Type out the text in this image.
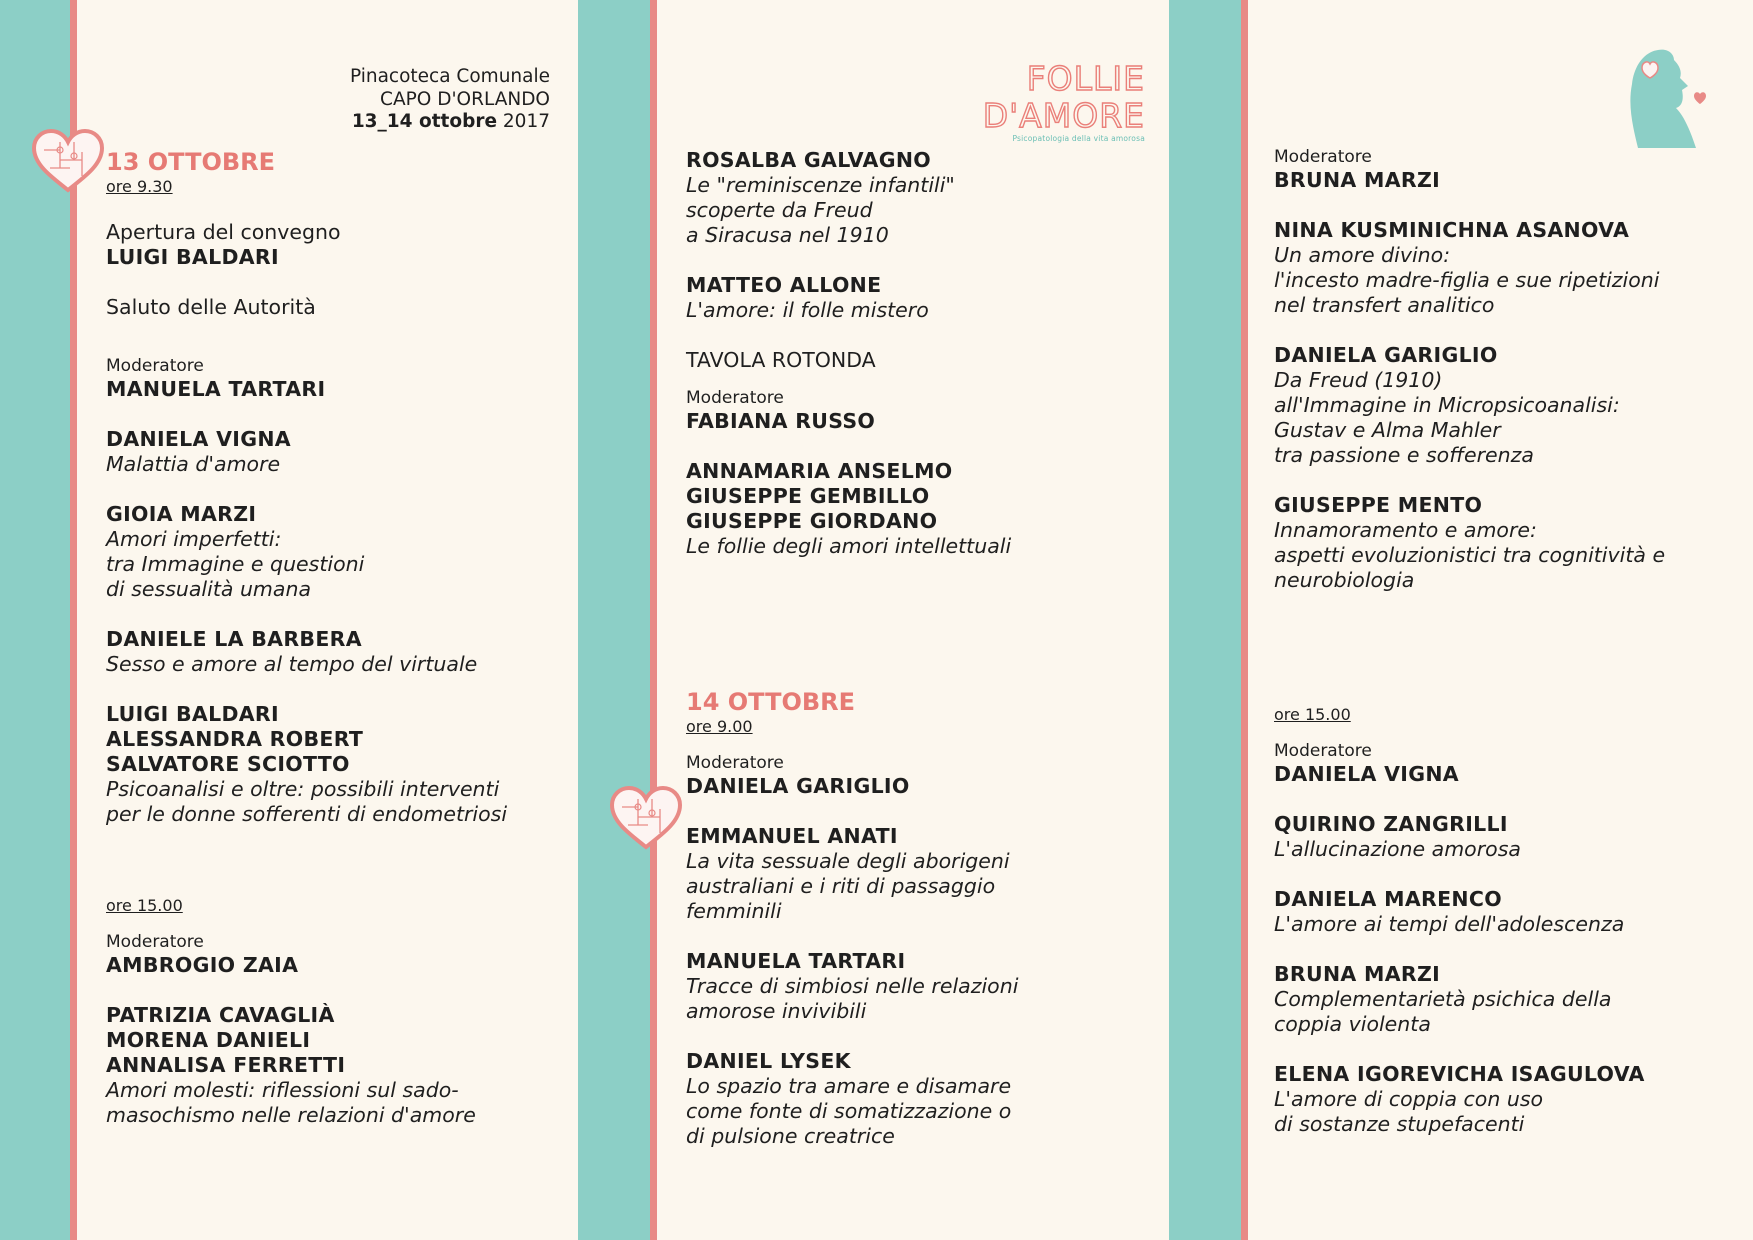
Pinacoteca Comunale
CAPO D'ORLANDO
13_14 ottobre 2017
FOLLIE
D'AMORE
Psicopatologia della vita amorosa
13 OTTOBRE
ore 9.30

Apertura del convegno

LUIGI BALDARI

Saluto delle Autorità

Moderatore

MANUELA TARTARI

DANIELA VIGNA

Malattia d'amore

GIOIA MARZI

Amori imperfetti:

tra Immagine e questioni

di sessualità umana

DANIELE LA BARBERA

Sesso e amore al tempo del virtuale

LUIGI BALDARI

ALESSANDRA ROBERT

SALVATORE SCIOTTO

Psicoanalisi e oltre: possibili interventi

per le donne sofferenti di endometriosi

ore 15.00

Moderatore

AMBROGIO ZAIA

PATRIZIA CAVAGLIÀ

MORENA DANIELI

ANNALISA FERRETTI

Amori molesti: riflessioni sul sado-

masochismo nelle relazioni d'amore

ROSALBA GALVAGNO

Le "reminiscenze infantili"

scoperte da Freud

a Siracusa nel 1910

MATTEO ALLONE

L'amore: il folle mistero

TAVOLA ROTONDA

Moderatore

FABIANA RUSSO

ANNAMARIA ANSELMO

GIUSEPPE GEMBILLO

GIUSEPPE GIORDANO

Le follie degli amori intellettuali

14 OTTOBRE
ore 9.00

Moderatore

DANIELA GARIGLIO

EMMANUEL ANATI

La vita sessuale degli aborigeni

australiani e i riti di passaggio

femminili

MANUELA TARTARI

Tracce di simbiosi nelle relazioni

amorose invivibili

DANIEL LYSEK

Lo spazio tra amare e disamare

come fonte di somatizzazione o

di pulsione creatrice

Moderatore

BRUNA MARZI

NINA KUSMINICHNA ASANOVA

Un amore divino:

l'incesto madre-figlia e sue ripetizioni

nel transfert analitico

DANIELA GARIGLIO

Da Freud (1910)

all'Immagine in Micropsicoanalisi:

Gustav e Alma Mahler

tra passione e sofferenza

GIUSEPPE MENTO

Innamoramento e amore:

aspetti evoluzionistici tra cognitività e

neurobiologia

ore 15.00

Moderatore

DANIELA VIGNA

QUIRINO ZANGRILLI

L'allucinazione amorosa

DANIELA MARENCO

L'amore ai tempi dell'adolescenza

BRUNA MARZI

Complementarietà psichica della

coppia violenta

ELENA IGOREVICHA ISAGULOVA

L'amore di coppia con uso

di sostanze stupefacenti
